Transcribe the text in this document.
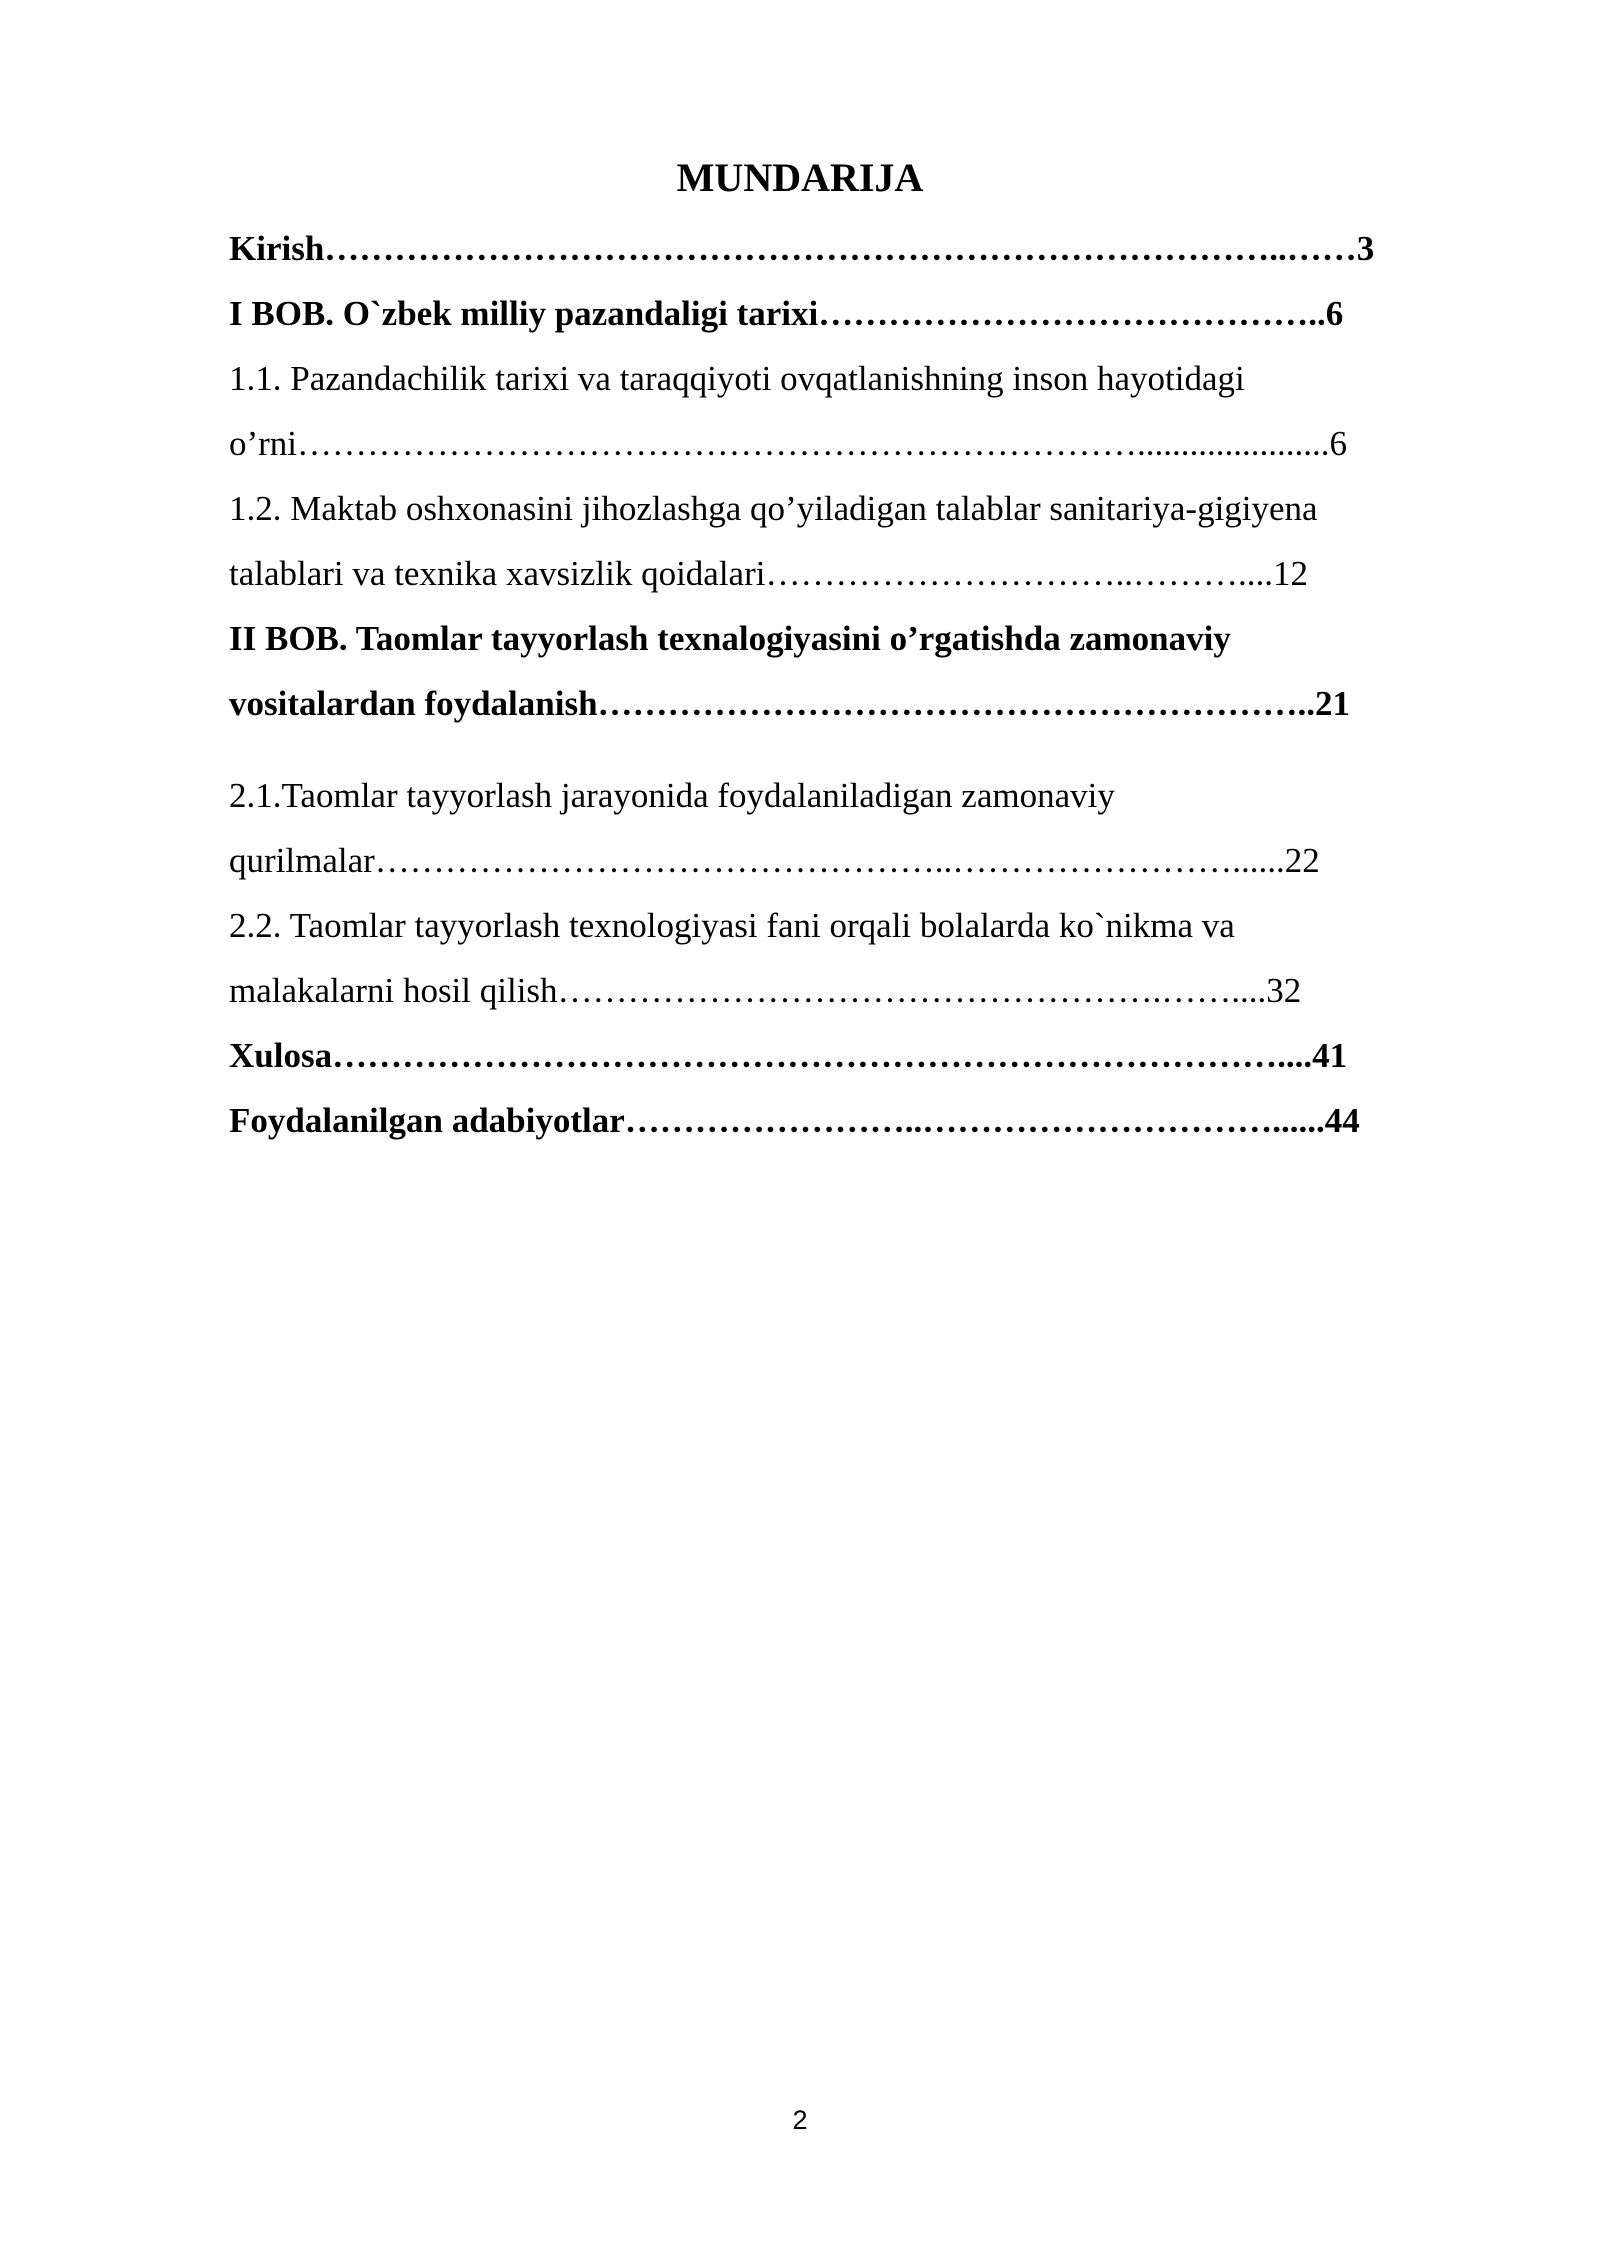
MUNDARIJA
Kirish………………………………………………………………………..……3
I BOB. O`zbek milliy pazandaligi tarixi……………………………………..6
1.1. Pazandachilik tarixi va taraqqiyoti ovqatlanishning inson hayotidagi
o’rni………………………………………………………………......................6
1.2. Maktab oshxonasini jihozlashga qo’yiladigan talablar sanitariya-gigiyena
talablari va texnika xavsizlik qoidalari…………………………..………....12
II BOB. Taomlar tayyorlash texnalogiyasini o’rgatishda zamonaviy
vositalardan foydalanish……………………………………………………..21
2.1.Taomlar tayyorlash jarayonida foydalaniladigan zamonaviy
qurilmalar…………………………………………..……………………......22
2.2. Taomlar tayyorlash texnologiyasi fani orqali bolalarda ko`nikma va
malakalarni hosil qilish…………………………………………….……....32
Xulosa………………………………………………………………………....41
Foydalanilgan adabiyotlar……………………..…………………………......44
2
